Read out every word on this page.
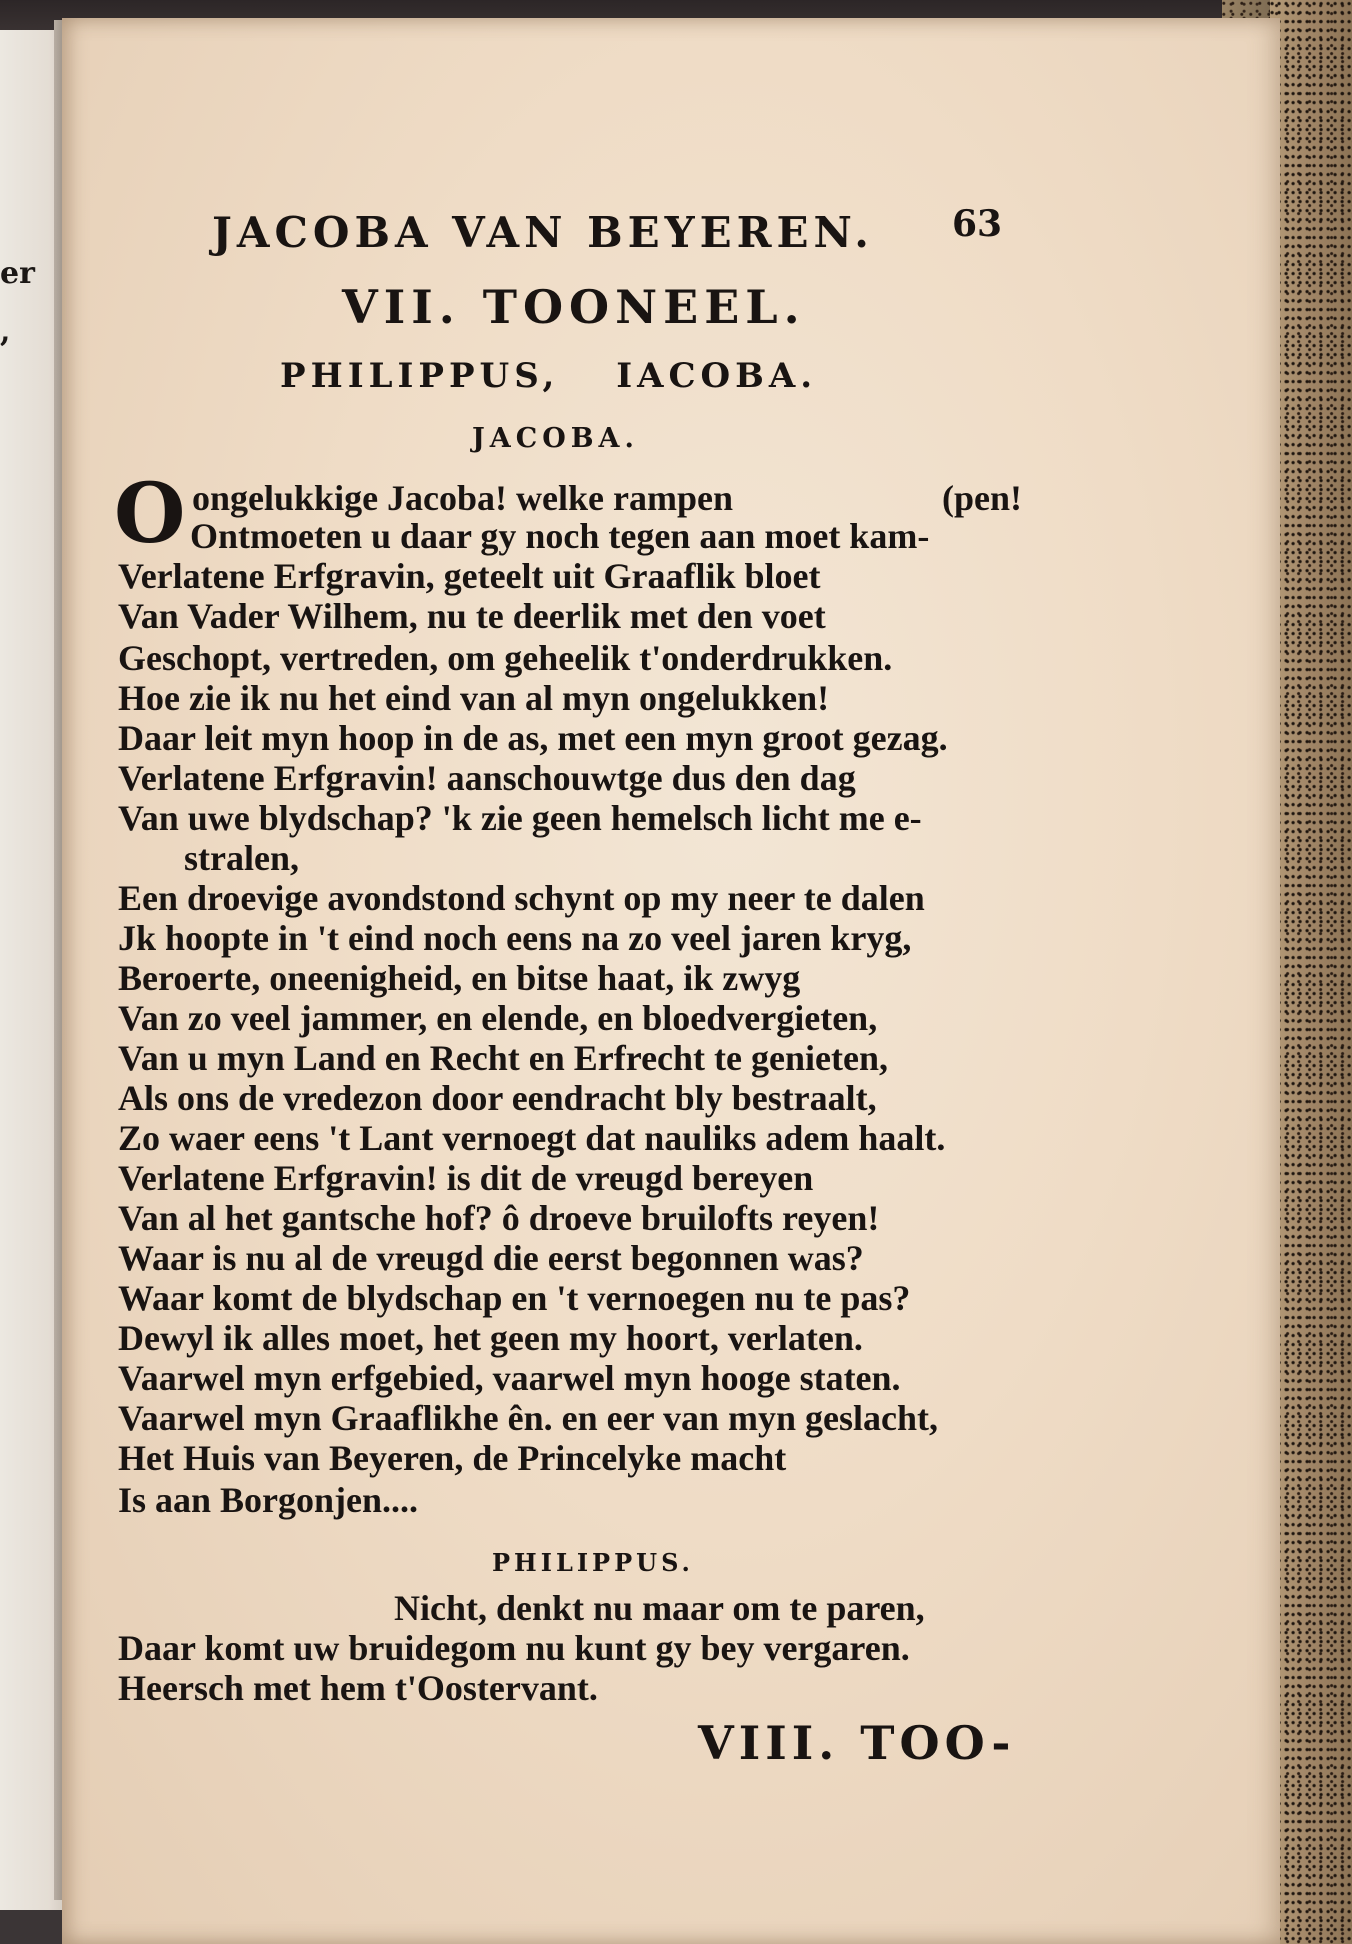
er
,
JACOBA VAN BEYEREN. 63
VII. TOONEEL.
PHILIPPUS, IACOBA.
JACOBA.
O ongelukkige Jacoba! welke rampen	(pen!
Ontmoeten u daar gy noch tegen aan moet kam-
Verlatene Erfgravin, geteelt uit Graaflik bloet
Van Vader Wilhem, nu te deerlik met den voet
Geschopt, vertreden, om geheelik t'onderdrukken.
Hoe zie ik nu het eind van al myn ongelukken!
Daar leit myn hoop in de as, met een myn groot gezag.
Verlatene Erfgravin! aanschouwtge dus den dag
Van uwe blydschap? 'k zie geen hemelsch licht me e-
stralen,
Een droevige avondstond schynt op my neer te dalen
Jk hoopte in 't eind noch eens na zo veel jaren kryg,
Beroerte, oneenigheid, en bitse haat, ik zwyg
Van zo veel jammer, en elende, en bloedvergieten,
Van u myn Land en Recht en Erfrecht te genieten,
Als ons de vredezon door eendracht bly bestraalt,
Zo waer eens 't Lant vernoegt dat nauliks adem haalt.
Verlatene Erfgravin! is dit de vreugd bereyen
Van al het gantsche hof? ô droeve bruilofts reyen!
Waar is nu al de vreugd die eerst begonnen was?
Waar komt de blydschap en 't vernoegen nu te pas?
Dewyl ik alles moet, het geen my hoort, verlaten.
Vaarwel myn erfgebied, vaarwel myn hooge staten.
Vaarwel myn Graaflikhe ên. en eer van myn geslacht,
Het Huis van Beyeren, de Princelyke macht
Is aan Borgonjen....
PHILIPPUS.
Nicht, denkt nu maar om te paren,
Daar komt uw bruidegom nu kunt gy bey vergaren.
Heersch met hem t'Oostervant.
VIII. TOO-
